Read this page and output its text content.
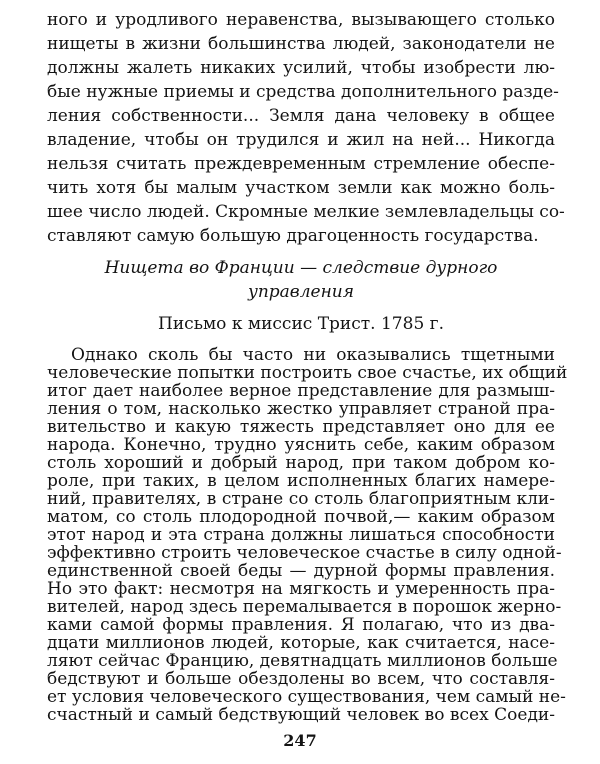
ного и уродливого неравенства, вызывающего столько
нищеты в жизни большинства людей, законодатели не
должны жалеть никаких усилий, чтобы изобрести лю-
бые нужные приемы и средства дополнительного разде-
ления собственности... Земля дана человеку в общее
владение, чтобы он трудился и жил на ней... Никогда
нельзя считать преждевременным стремление обеспе-
чить хотя бы малым участком земли как можно боль-
шее число людей. Скромные мелкие землевладельцы со-
ставляют самую большую драгоценность государства.
Нищета во Франции — следствие дурного
управления
Письмо к миссис Трист. 1785 г.
Однако сколь бы часто ни оказывались тщетными
человеческие попытки построить свое счастье, их общий
итог дает наиболее верное представление для размыш-
ления о том, насколько жестко управляет страной пра-
вительство и какую тяжесть представляет оно для ее
народа. Конечно, трудно уяснить себе, каким образом
столь хороший и добрый народ, при таком добром ко-
роле, при таких, в целом исполненных благих намере-
ний, правителях, в стране со столь благоприятным кли-
матом, со столь плодородной почвой,— каким образом
этот народ и эта страна должны лишаться способности
эффективно строить человеческое счастье в силу одной-
единственной своей беды — дурной формы правления.
Но это факт: несмотря на мягкость и умеренность пра-
вителей, народ здесь перемалывается в порошок жерно-
ками самой формы правления. Я полагаю, что из два-
дцати миллионов людей, которые, как считается, насе-
ляют сейчас Францию, девятнадцать миллионов больше
бедствуют и больше обездолены во всем, что составля-
ет условия человеческого существования, чем самый не-
счастный и самый бедствующий человек во всех Соеди-
247
